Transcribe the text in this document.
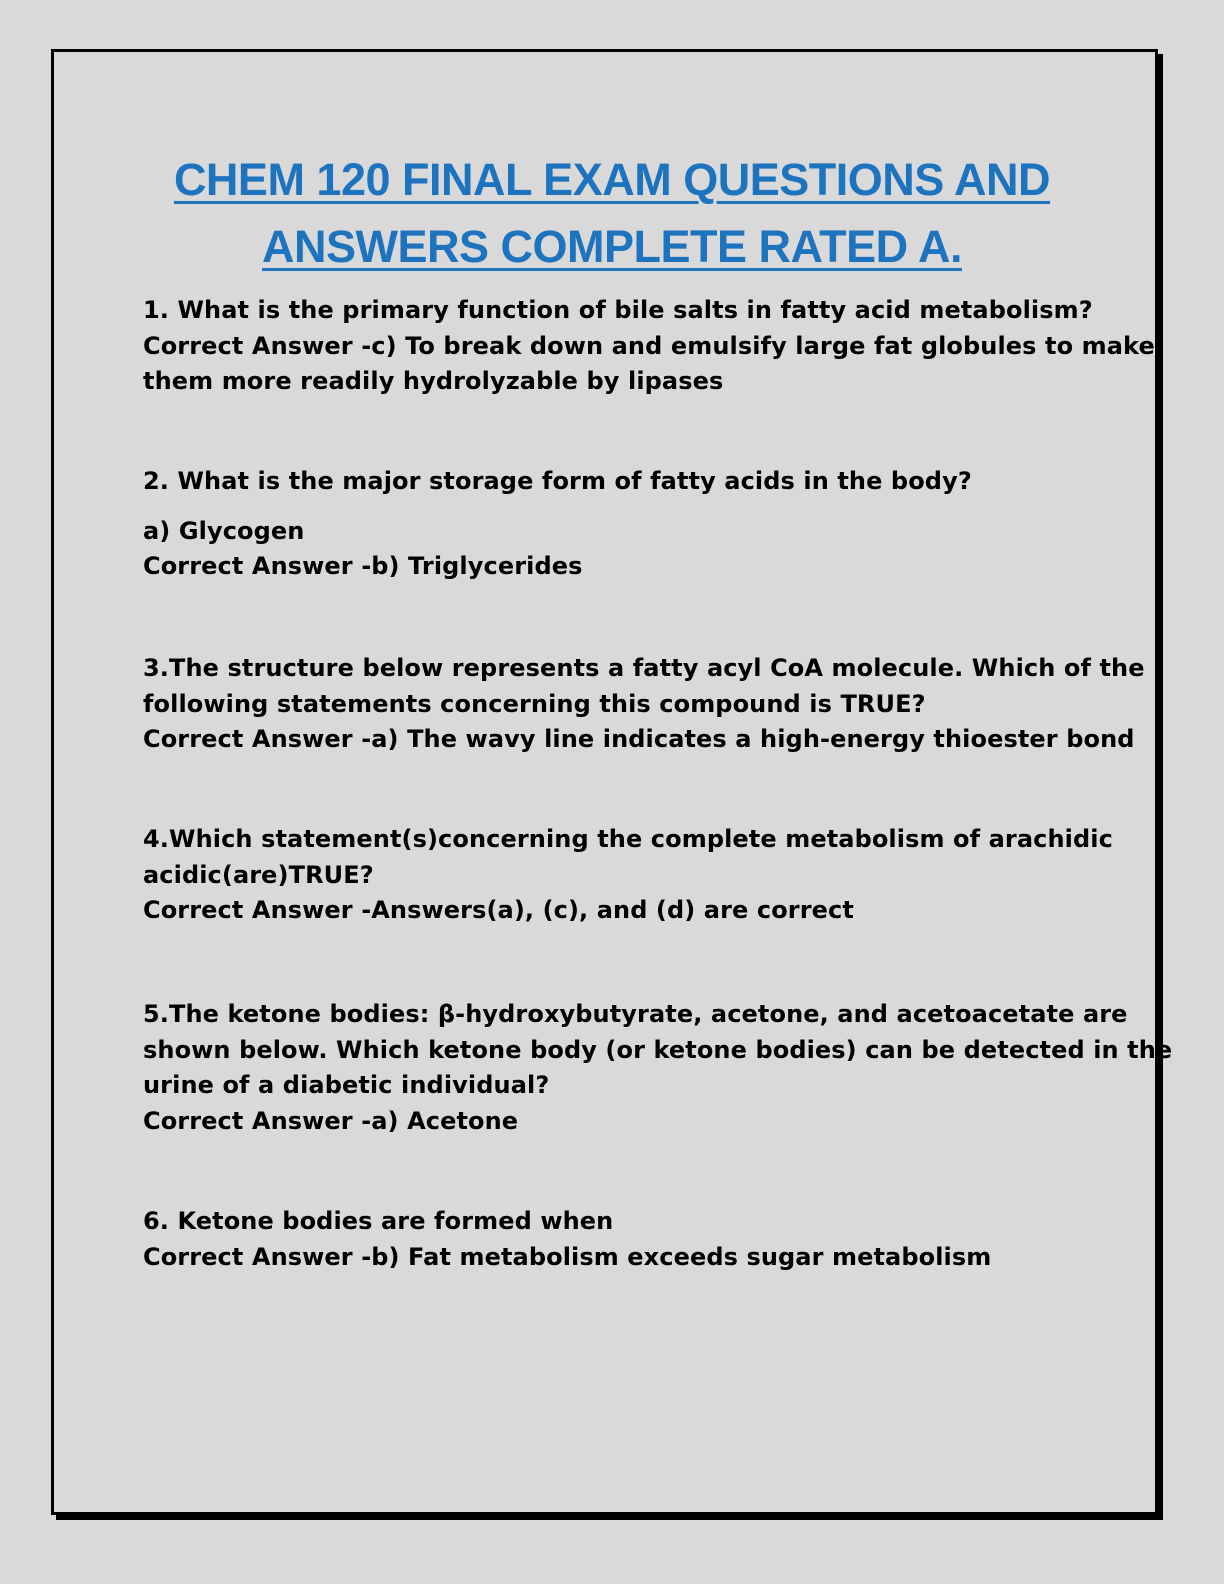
CHEM 120 FINAL EXAM QUESTIONS AND
ANSWERS COMPLETE RATED A.
1. What is the primary function of bile salts in fatty acid metabolism?
Correct Answer -c) To break down and emulsify large fat globules to make
them more readily hydrolyzable by lipases
2. What is the major storage form of fatty acids in the body?
a) Glycogen
Correct Answer -b) Triglycerides
3.The structure below represents a fatty acyl CoA molecule. Which of the
following statements concerning this compound is TRUE?
Correct Answer -a) The wavy line indicates a high-energy thioester bond
4.Which statement(s)concerning the complete metabolism of arachidic
acidic(are)TRUE?
Correct Answer -Answers(a), (c), and (d) are correct
5.The ketone bodies: β-hydroxybutyrate, acetone, and acetoacetate are
shown below. Which ketone body (or ketone bodies) can be detected in the
urine of a diabetic individual?
Correct Answer -a) Acetone
6. Ketone bodies are formed when
Correct Answer -b) Fat metabolism exceeds sugar metabolism
